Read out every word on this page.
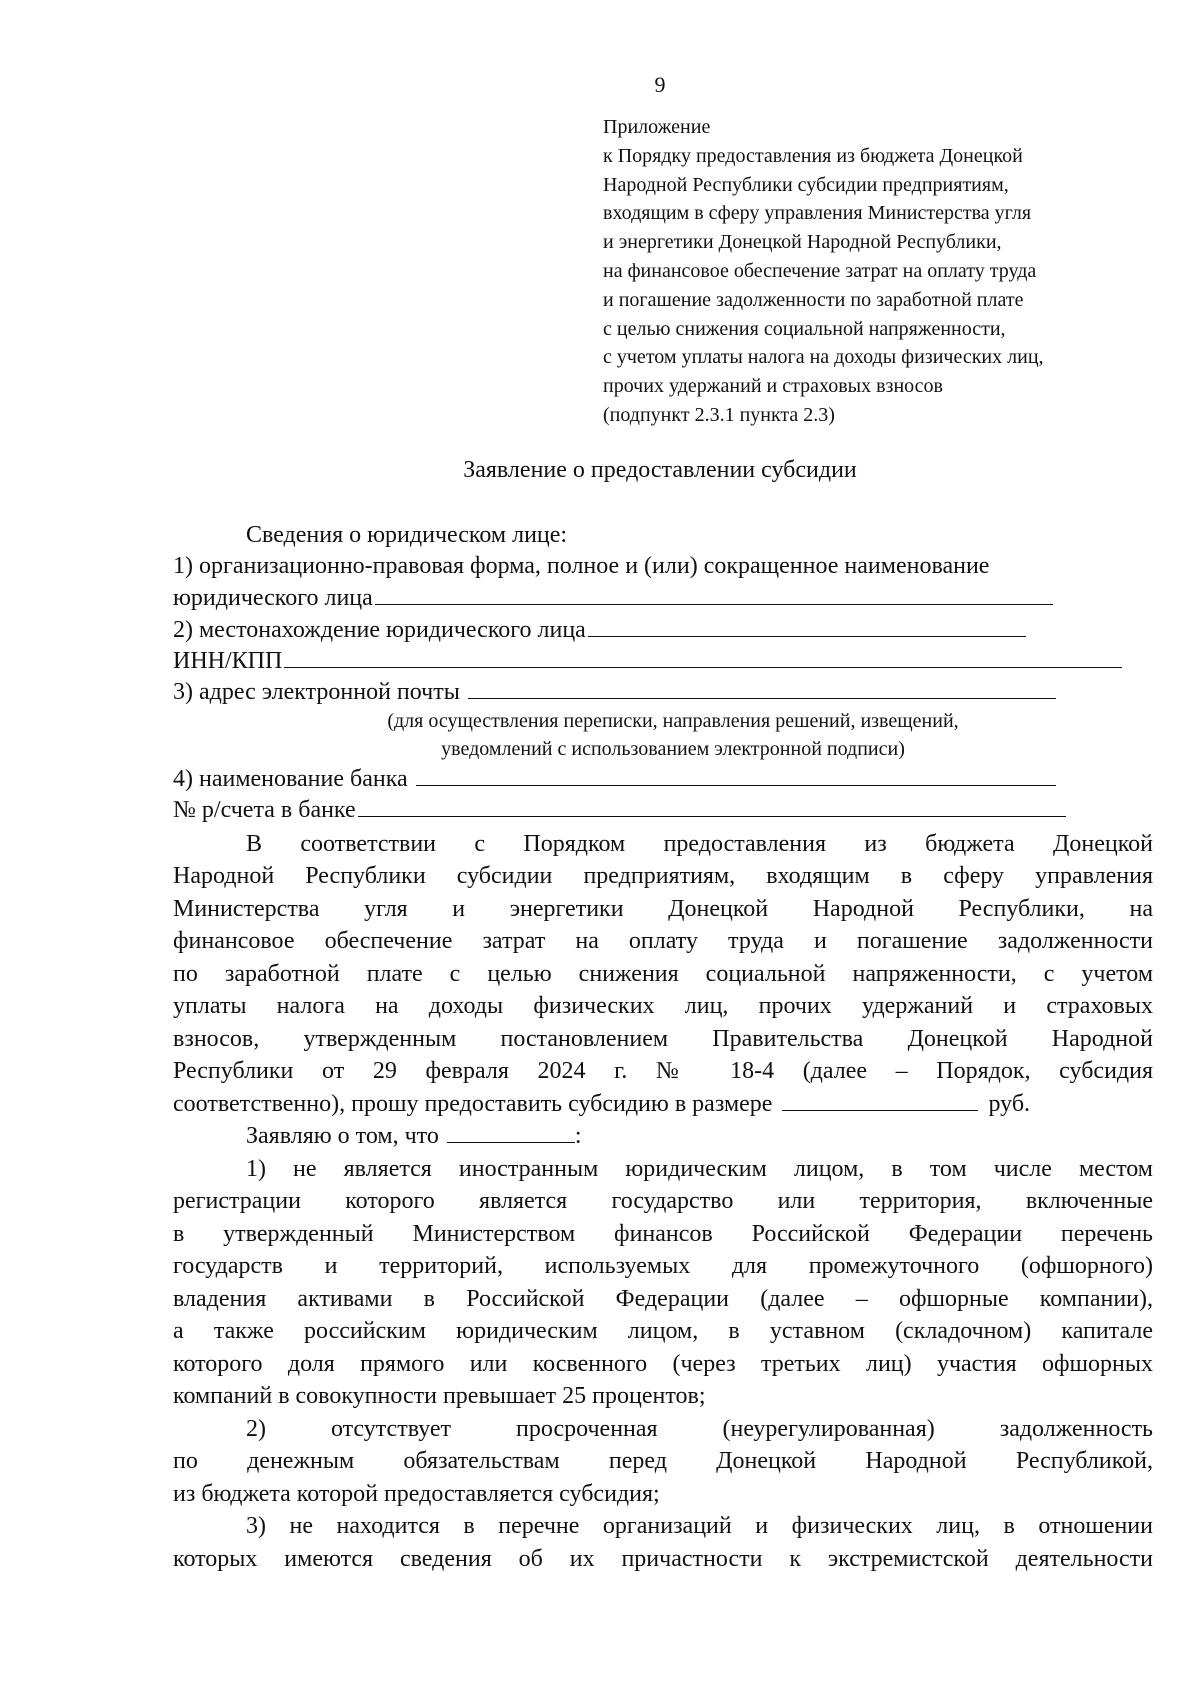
9
Приложение
к Порядку предоставления из бюджета Донецкой
Народной Республики субсидии предприятиям,
входящим в сферу управления Министерства угля
и энергетики Донецкой Народной Республики,
на финансовое обеспечение затрат на оплату труда
и погашение задолженности по заработной плате
с целью снижения социальной напряженности,
с учетом уплаты налога на доходы физических лиц,
прочих удержаний и страховых взносов
(подпункт 2.3.1 пункта 2.3)
Заявление о предоставлении субсидии
Сведения о юридическом лице:
1) организационно-правовая форма, полное и (или) сокращенное наименование
юридического лица
2) местонахождение юридического лица
ИНН/КПП
3) адрес электронной почты
(для осуществления переписки, направления решений, извещений,
уведомлений с использованием электронной подписи)
4) наименование банка
№ р/счета в банке
В соответствии с Порядком предоставления из бюджета Донецкой
Народной Республики субсидии предприятиям, входящим в сферу управления
Министерства угля и энергетики Донецкой Народной Республики, на
финансовое обеспечение затрат на оплату труда и погашение задолженности
по заработной плате с целью снижения социальной напряженности, с учетом
уплаты налога на доходы физических лиц, прочих удержаний и страховых
взносов, утвержденным постановлением Правительства Донецкой Народной
Республики от 29 февраля 2024 г. № 18-4 (далее – Порядок, субсидия
соответственно), прошу предоставить субсидию в размере	руб.
Заявляю о том, что	:
1) не является иностранным юридическим лицом, в том числе местом
регистрации которого является государство или территория, включенные
в утвержденный Министерством финансов Российской Федерации перечень
государств и территорий, используемых для промежуточного (офшорного)
владения активами в Российской Федерации (далее – офшорные компании),
а также российским юридическим лицом, в уставном (складочном) капитале
которого доля прямого или косвенного (через третьих лиц) участия офшорных
компаний в совокупности превышает 25 процентов;
2) отсутствует просроченная (неурегулированная) задолженность
по денежным обязательствам перед Донецкой Народной Республикой,
из бюджета которой предоставляется субсидия;
3) не находится в перечне организаций и физических лиц, в отношении
которых имеются сведения об их причастности к экстремистской деятельности
